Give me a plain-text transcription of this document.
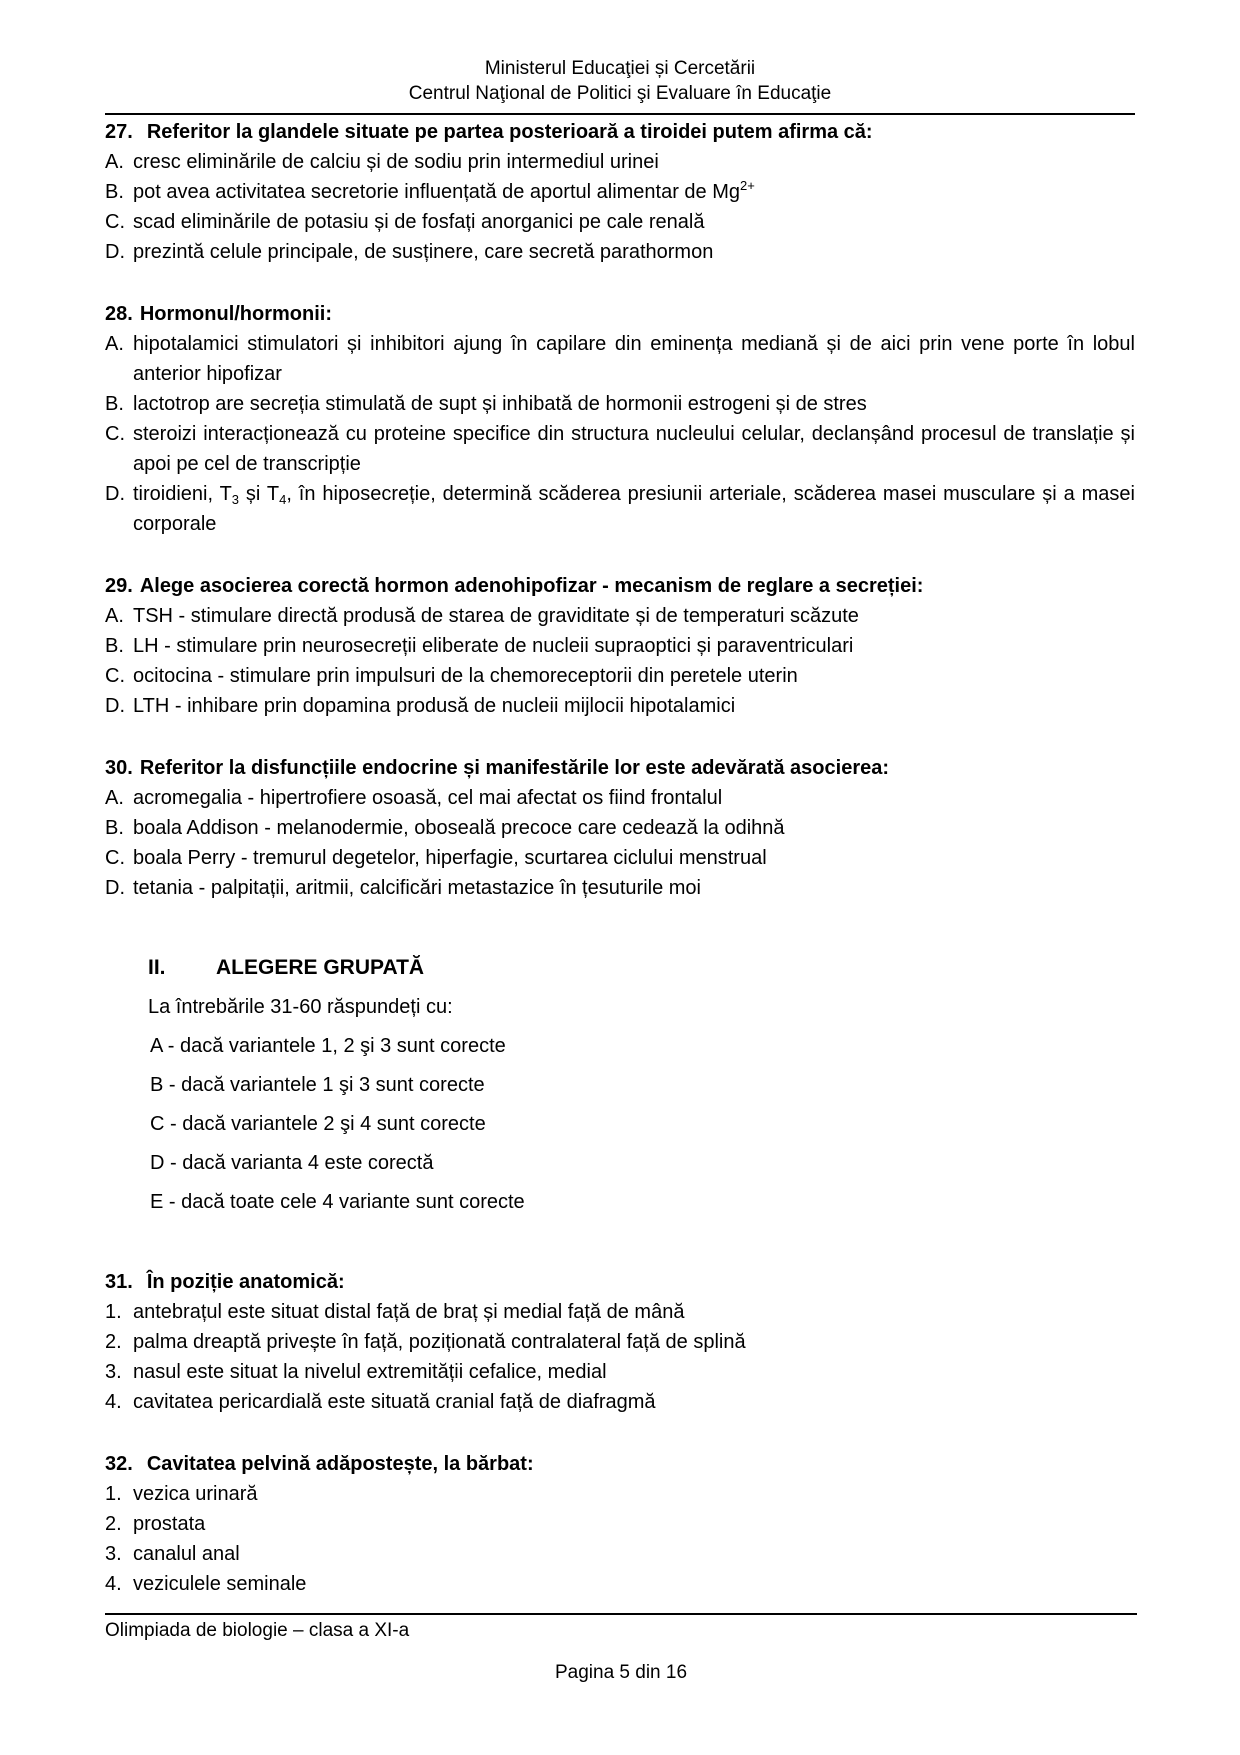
Ministerul Educaţiei și Cercetării
Centrul Naţional de Politici şi Evaluare în Educaţie
27. Referitor la glandele situate pe partea posterioară a tiroidei putem afirma că:
A. cresc eliminările de calciu și de sodiu prin intermediul urinei
B. pot avea activitatea secretorie influențată de aportul alimentar de $Mg^{2+}$
C. scad eliminările de potasiu și de fosfați anorganici pe cale renală
D. prezintă celule principale, de susținere, care secretă parathormon
28. Hormonul/hormonii:
A. hipotalamici stimulatori și inhibitori ajung în capilare din eminența mediană și de aici prin vene porte în lobul anterior hipofizar
B. lactotrop are secreția stimulată de supt și inhibată de hormonii estrogeni și de stres
C. steroizi interacționează cu proteine specifice din structura nucleului celular, declanșând procesul de translație și apoi pe cel de transcripție
D. tiroidieni, $T_3$ și $T_4$, în hiposecreție, determină scăderea presiunii arteriale, scăderea masei musculare și a masei corporale
29. Alege asocierea corectă hormon adenohipofizar - mecanism de reglare a secreției:
A. TSH - stimulare directă produsă de starea de graviditate și de temperaturi scăzute
B. LH - stimulare prin neurosecreții eliberate de nucleii supraoptici și paraventriculari
C. ocitocina - stimulare prin impulsuri de la chemoreceptorii din peretele uterin
D. LTH - inhibare prin dopamina produsă de nucleii mijlocii hipotalamici
30. Referitor la disfuncțiile endocrine și manifestările lor este adevărată asocierea:
A. acromegalia - hipertrofiere osoasă, cel mai afectat os fiind frontalul
B. boala Addison - melanodermie, oboseală precoce care cedează la odihnă
C. boala Perry - tremurul degetelor, hiperfagie, scurtarea ciclului menstrual
D. tetania - palpitații, aritmii, calcificări metastazice în țesuturile moi
II.	ALEGERE GRUPATĂ

La întrebările 31-60 răspundeți cu:

A - dacă variantele 1, 2 şi 3 sunt corecte

B - dacă variantele 1 şi 3 sunt corecte

C - dacă variantele 2 şi 4 sunt corecte

D - dacă varianta 4 este corectă

E - dacă toate cele 4 variante sunt corecte

31. În poziție anatomică:
1. antebrațul este situat distal față de braț și medial față de mână
2. palma dreaptă privește în față, poziționată contralateral față de splină
3. nasul este situat la nivelul extremității cefalice, medial
4. cavitatea pericardială este situată cranial față de diafragmă
32. Cavitatea pelvină adăpostește, la bărbat:
1. vezica urinară
2. prostata
3. canalul anal
4. veziculele seminale
Olimpiada de biologie – clasa a XI-a
Pagina 5 din 16
